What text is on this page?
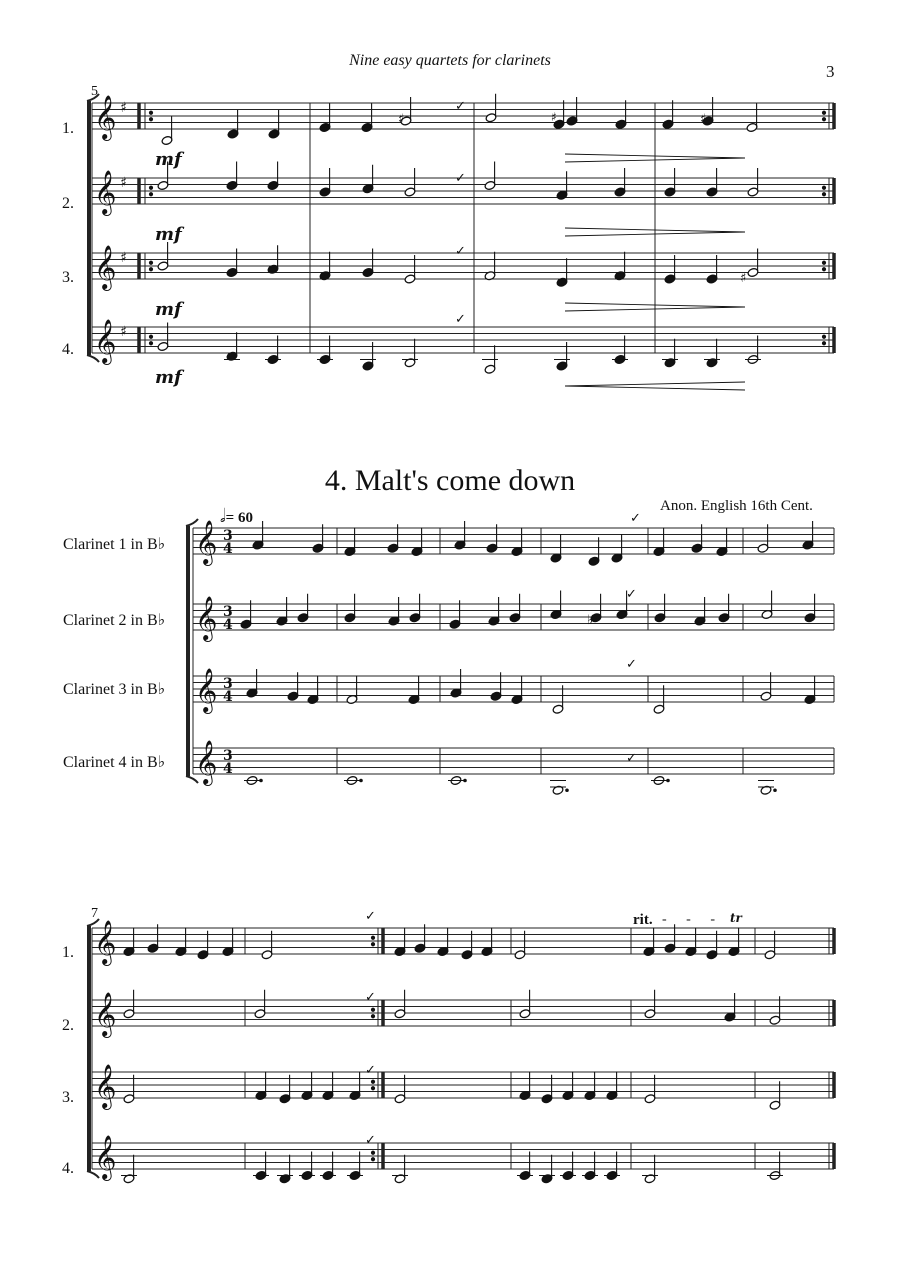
Nine easy quartets for clarinets
3
5
1.
2.
3.
4.
mf
mf
mf
mf
4. Malt's come down
Anon. English 16th Cent.
𝅗𝅥= 60
Clarinet 1 in B♭
Clarinet 2 in B♭
Clarinet 3 in B♭
Clarinet 4 in B♭
7
1.
2.
3.
4.
rit. - - -
𝄞 ♯
𝄞 ♯
𝄞 ♯
𝄞 ♯
♯	♯
♯
✓
✓
♯
✓
✓
𝄞 3
4
𝄞 3
4
𝄞 3
4
𝄞 3
4
✓
♭
✓
✓
✓
𝄞
𝄞
𝄞
𝄞
✓
✓
✓
✓
tr
